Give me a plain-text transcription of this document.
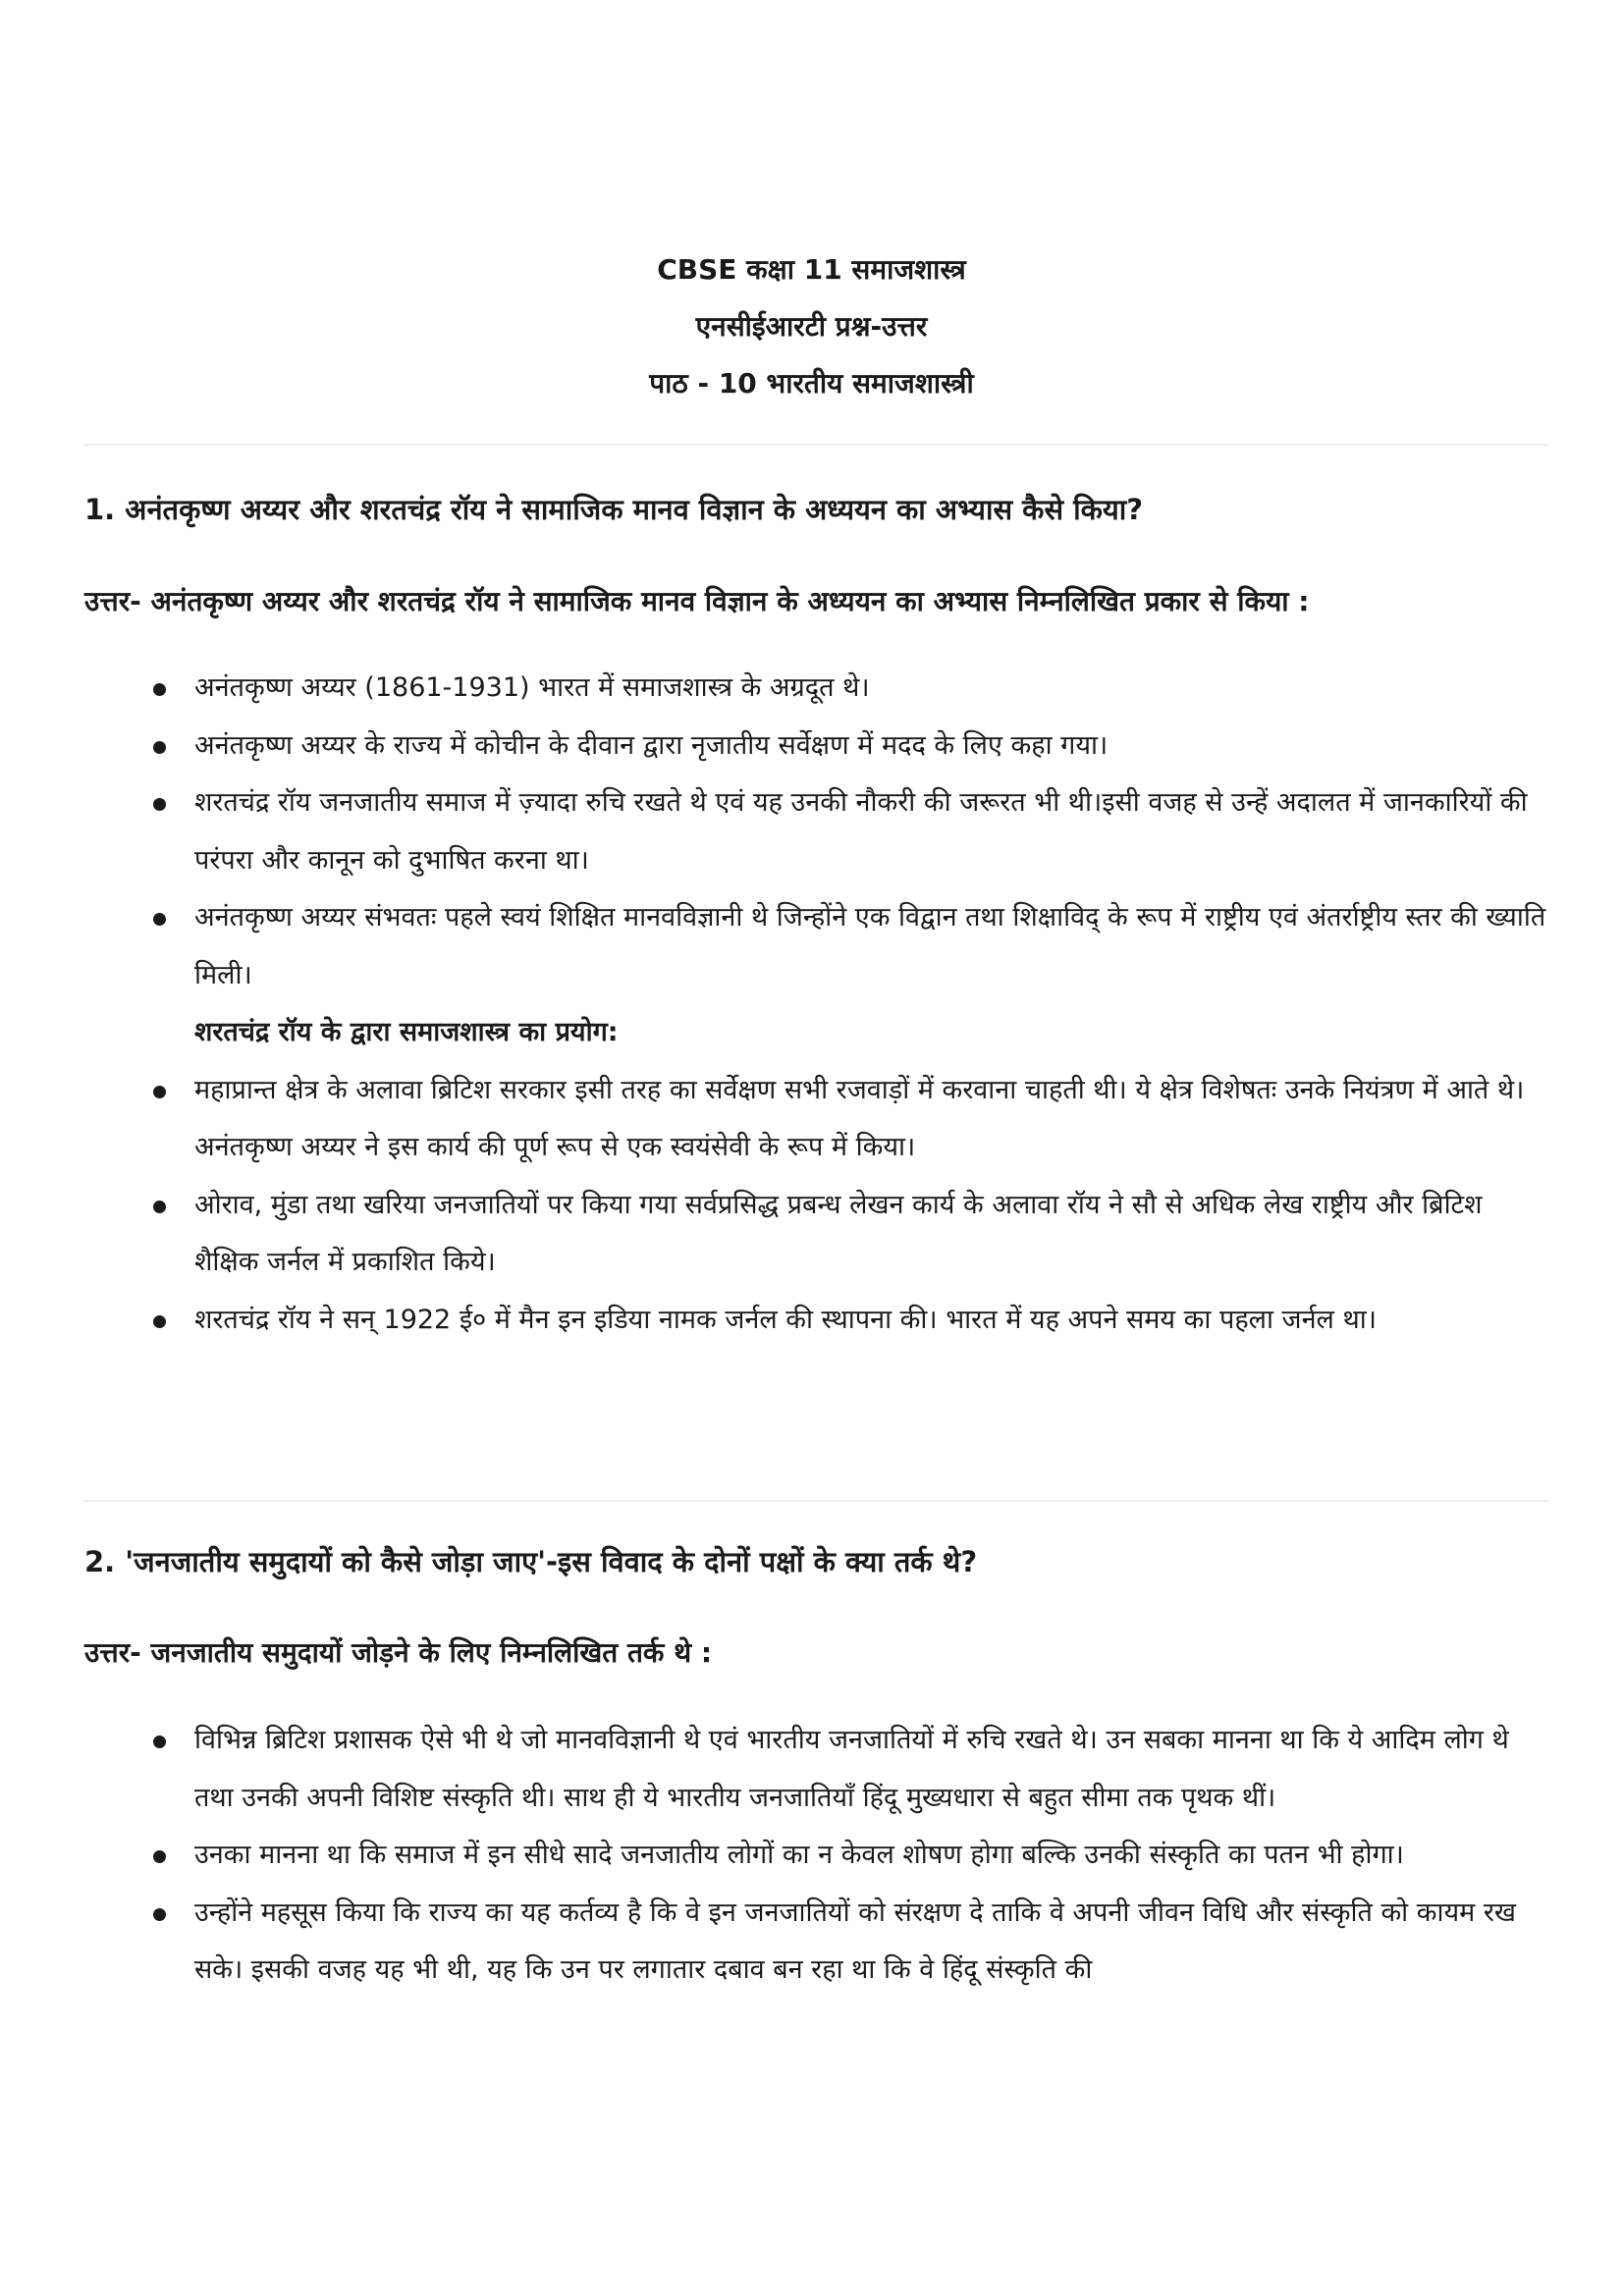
CBSE कक्षा 11 समाजशास्त्र
एनसीईआरटी प्रश्न-उत्तर
पाठ - 10 भारतीय समाजशास्त्री
1. अनंतकृष्ण अय्यर और शरतचंद्र रॉय ने सामाजिक मानव विज्ञान के अध्ययन का अभ्यास कैसे किया?
उत्तर- अनंतकृष्ण अय्यर और शरतचंद्र रॉय ने सामाजिक मानव विज्ञान के अध्ययन का अभ्यास निम्नलिखित प्रकार से किया :
अनंतकृष्ण अय्यर (1861-1931) भारत में समाजशास्त्र के अग्रदूत थे।
अनंतकृष्ण अय्यर के राज्य में कोचीन के दीवान द्वारा नृजातीय सर्वेक्षण में मदद के लिए कहा गया।
शरतचंद्र रॉय जनजातीय समाज में ज़्यादा रुचि रखते थे एवं यह उनकी नौकरी की जरूरत भी थी।इसी वजह से उन्हें अदालत में जानकारियों की परंपरा और कानून को दुभाषित करना था।
अनंतकृष्ण अय्यर संभवतः पहले स्वयं शिक्षित मानवविज्ञानी थे जिन्होंने एक विद्वान तथा शिक्षाविद् के रूप में राष्ट्रीय एवं अंतर्राष्ट्रीय स्तर की ख्याति मिली।
शरतचंद्र रॉय के द्वारा समाजशास्त्र का प्रयोग:
महाप्रान्त क्षेत्र के अलावा ब्रिटिश सरकार इसी तरह का सर्वेक्षण सभी रजवाड़ों में करवाना चाहती थी। ये क्षेत्र विशेषतः उनके नियंत्रण में आते थे।
अनंतकृष्ण अय्यर ने इस कार्य की पूर्ण रूप से एक स्वयंसेवी के रूप में किया।
ओराव, मुंडा तथा खरिया जनजातियों पर किया गया सर्वप्रसिद्ध प्रबन्ध लेखन कार्य के अलावा रॉय ने सौ से अधिक लेख राष्ट्रीय और ब्रिटिश शैक्षिक जर्नल में प्रकाशित किये।
शरतचंद्र रॉय ने सन् 1922 ई० में मैन इन इडिया नामक जर्नल की स्थापना की। भारत में यह अपने समय का पहला जर्नल था।
2. 'जनजातीय समुदायों को कैसे जोड़ा जाए'-इस विवाद के दोनों पक्षों के क्या तर्क थे?
उत्तर- जनजातीय समुदायों जोड़ने के लिए निम्नलिखित तर्क थे :
विभिन्न ब्रिटिश प्रशासक ऐसे भी थे जो मानवविज्ञानी थे एवं भारतीय जनजातियों में रुचि रखते थे। उन सबका मानना था कि ये आदिम लोग थे तथा उनकी अपनी विशिष्ट संस्कृति थी। साथ ही ये भारतीय जनजातियाँ हिंदू मुख्यधारा से बहुत सीमा तक पृथक थीं।
उनका मानना था कि समाज में इन सीधे सादे जनजातीय लोगों का न केवल शोषण होगा बल्कि उनकी संस्कृति का पतन भी होगा।
उन्होंने महसूस किया कि राज्य का यह कर्तव्य है कि वे इन जनजातियों को संरक्षण दे ताकि वे अपनी जीवन विधि और संस्कृति को कायम रख सके। इसकी वजह यह भी थी, यह कि उन पर लगातार दबाव बन रहा था कि वे हिंदू संस्कृति की
